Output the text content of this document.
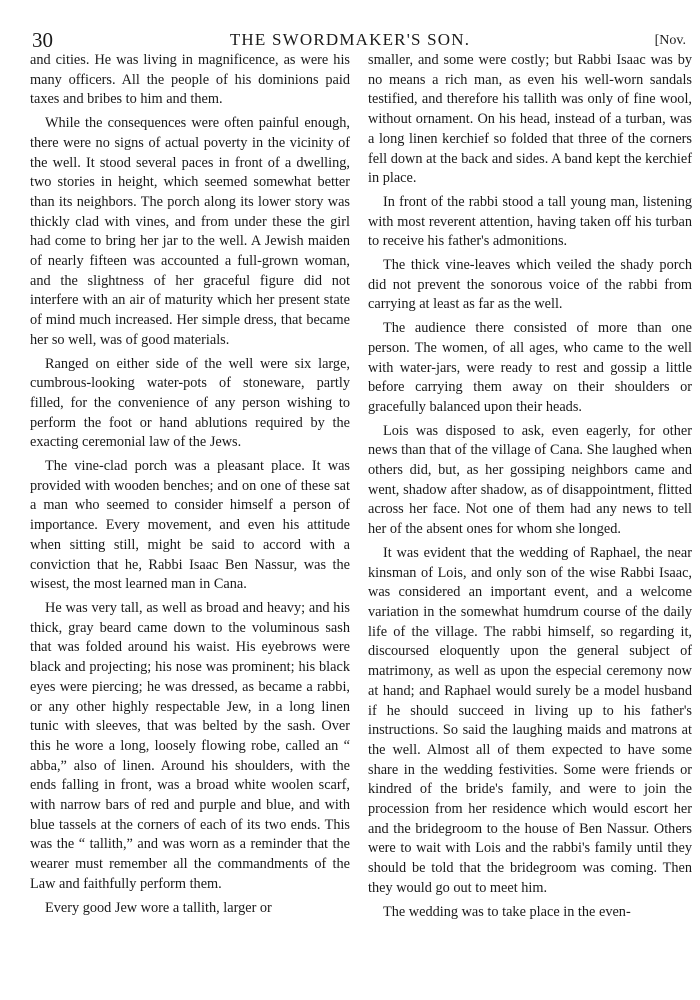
30	THE SWORDMAKER'S SON.	[Nov.

and cities. He was living in magnificence, as were his many officers. All the people of his dominions paid taxes and bribes to him and them.

While the consequences were often painful enough, there were no signs of actual poverty in the vicinity of the well. It stood several paces in front of a dwelling, two stories in height, which seemed somewhat better than its neighbors. The porch along its lower story was thickly clad with vines, and from under these the girl had come to bring her jar to the well. A Jewish maiden of nearly fifteen was accounted a full-grown woman, and the slightness of her graceful figure did not interfere with an air of maturity which her present state of mind much increased. Her simple dress, that became her so well, was of good materials.

Ranged on either side of the well were six large, cumbrous-looking water-pots of stoneware, partly filled, for the convenience of any person wishing to perform the foot or hand ablutions required by the exacting ceremonial law of the Jews.

The vine-clad porch was a pleasant place. It was provided with wooden benches; and on one of these sat a man who seemed to consider himself a person of importance. Every movement, and even his attitude when sitting still, might be said to accord with a conviction that he, Rabbi Isaac Ben Nassur, was the wisest, the most learned man in Cana.

He was very tall, as well as broad and heavy; and his thick, gray beard came down to the voluminous sash that was folded around his waist. His eyebrows were black and projecting; his nose was prominent; his black eyes were piercing; he was dressed, as became a rabbi, or any other highly respectable Jew, in a long linen tunic with sleeves, that was belted by the sash. Over this he wore a long, loosely flowing robe, called an “ abba,” also of linen. Around his shoulders, with the ends falling in front, was a broad white woolen scarf, with narrow bars of red and purple and blue, and with blue tassels at the corners of each of its two ends. This was the “ tallith,” and was worn as a reminder that the wearer must remember all the commandments of the Law and faithfully perform them.

Every good Jew wore a tallith, larger or

smaller, and some were costly; but Rabbi Isaac was by no means a rich man, as even his well-worn sandals testified, and therefore his tallith was only of fine wool, without ornament. On his head, instead of a turban, was a long linen kerchief so folded that three of the corners fell down at the back and sides. A band kept the kerchief in place.

In front of the rabbi stood a tall young man, listening with most reverent attention, having taken off his turban to receive his father's admonitions.

The thick vine-leaves which veiled the shady porch did not prevent the sonorous voice of the rabbi from carrying at least as far as the well.

The audience there consisted of more than one person. The women, of all ages, who came to the well with water-jars, were ready to rest and gossip a little before carrying them away on their shoulders or gracefully balanced upon their heads.

Lois was disposed to ask, even eagerly, for other news than that of the village of Cana. She laughed when others did, but, as her gossiping neighbors came and went, shadow after shadow, as of disappointment, flitted across her face. Not one of them had any news to tell her of the absent ones for whom she longed.

It was evident that the wedding of Raphael, the near kinsman of Lois, and only son of the wise Rabbi Isaac, was considered an important event, and a welcome variation in the somewhat humdrum course of the daily life of the village. The rabbi himself, so regarding it, discoursed eloquently upon the general subject of matrimony, as well as upon the especial ceremony now at hand; and Raphael would surely be a model husband if he should succeed in living up to his father's instructions. So said the laughing maids and matrons at the well. Almost all of them expected to have some share in the wedding festivities. Some were friends or kindred of the bride's family, and were to join the procession from her residence which would escort her and the bridegroom to the house of Ben Nassur. Others were to wait with Lois and the rabbi's family until they should be told that the bridegroom was coming. Then they would go out to meet him.

The wedding was to take place in the even-
